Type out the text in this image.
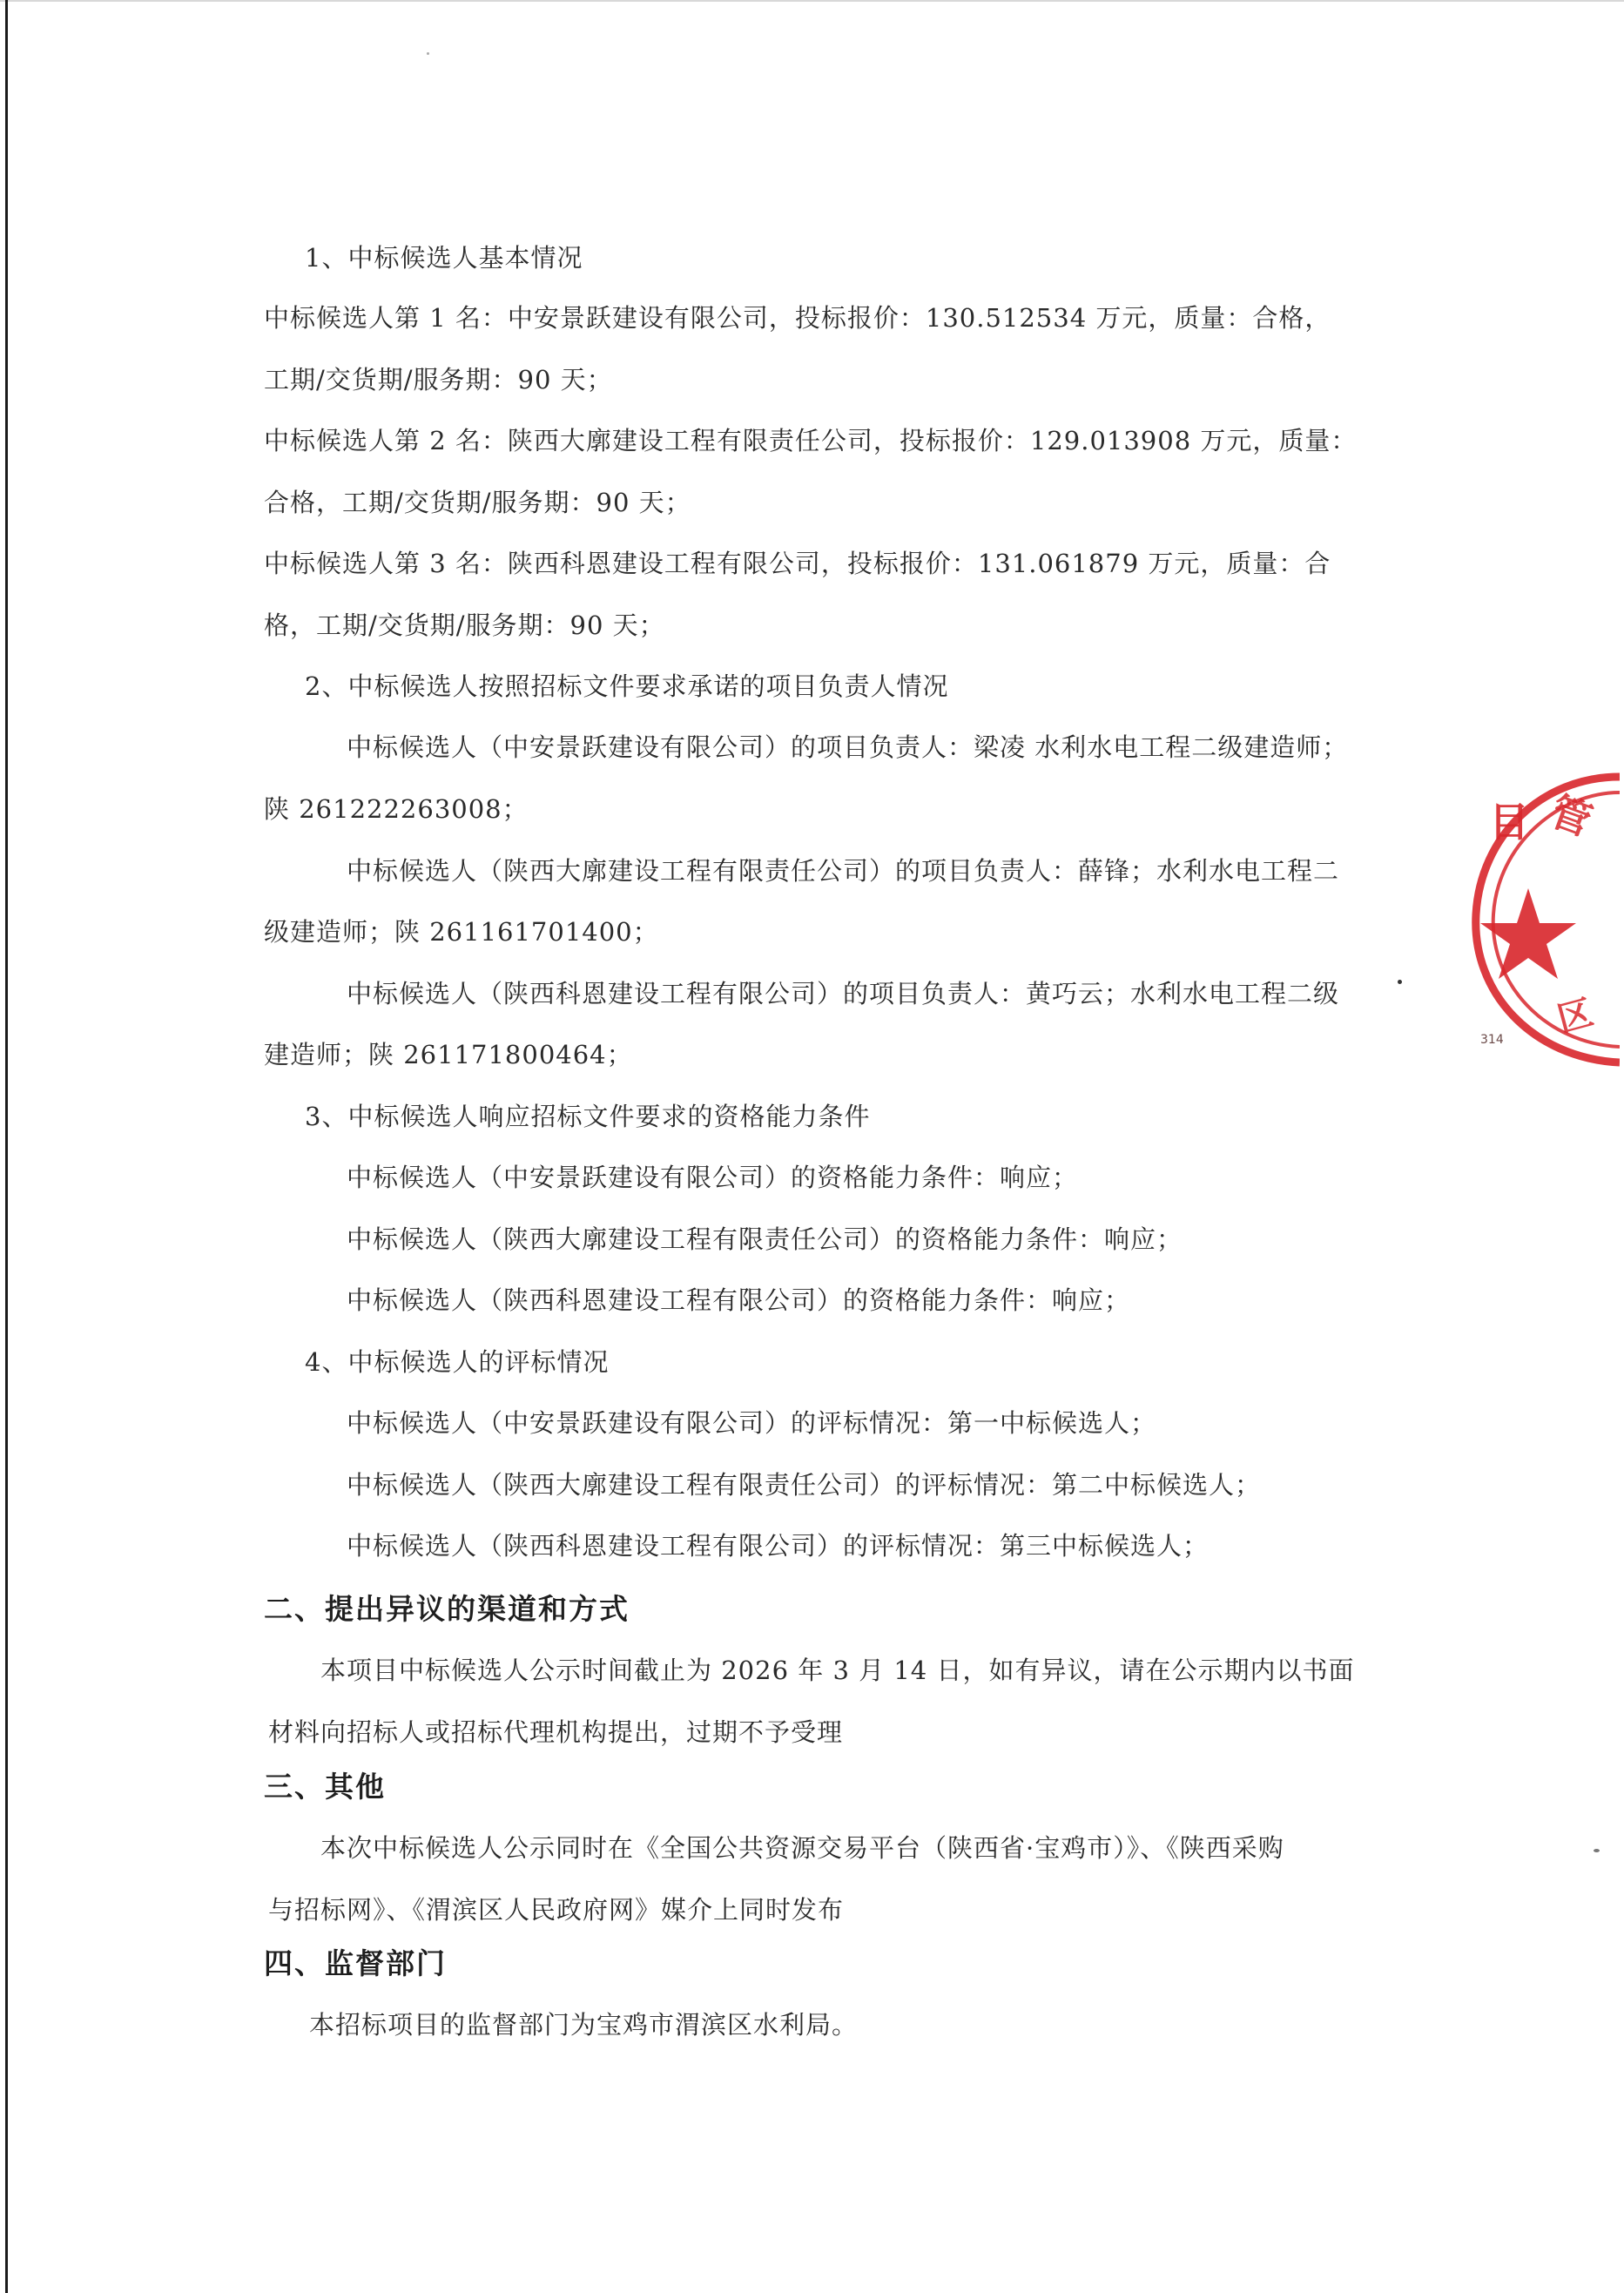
1、中标候选人基本情况
中标候选人第 1 名：中安景跃建设有限公司，投标报价：130.512534 万元，质量：合格，
工期/交货期/服务期：90 天；
中标候选人第 2 名：陕西大廓建设工程有限责任公司，投标报价：129.013908 万元，质量：
合格，工期/交货期/服务期：90 天；
中标候选人第 3 名：陕西科恩建设工程有限公司，投标报价：131.061879 万元，质量：合
格，工期/交货期/服务期：90 天；
2、中标候选人按照招标文件要求承诺的项目负责人情况
中标候选人（中安景跃建设有限公司）的项目负责人：梁凌 水利水电工程二级建造师；
陕 261222263008；
中标候选人（陕西大廓建设工程有限责任公司）的项目负责人：薛锋；水利水电工程二
级建造师；陕 261161701400；
中标候选人（陕西科恩建设工程有限公司）的项目负责人：黄巧云；水利水电工程二级
建造师；陕 261171800464；
3、中标候选人响应招标文件要求的资格能力条件
中标候选人（中安景跃建设有限公司）的资格能力条件：响应；
中标候选人（陕西大廓建设工程有限责任公司）的资格能力条件：响应；
中标候选人（陕西科恩建设工程有限公司）的资格能力条件：响应；
4、中标候选人的评标情况
中标候选人（中安景跃建设有限公司）的评标情况：第一中标候选人；
中标候选人（陕西大廓建设工程有限责任公司）的评标情况：第二中标候选人；
中标候选人（陕西科恩建设工程有限公司）的评标情况：第三中标候选人；
二、提出异议的渠道和方式
本项目中标候选人公示时间截止为 2026 年 3 月 14 日，如有异议，请在公示期内以书面
材料向招标人或招标代理机构提出，过期不予受理
三、其他
本次中标候选人公示同时在《全国公共资源交易平台（陕西省·宝鸡市）》、《陕西采购
与招标网》、《渭滨区人民政府网》媒介上同时发布
四、监督部门
本招标项目的监督部门为宝鸡市渭滨区水利局。
目 管
区
314
